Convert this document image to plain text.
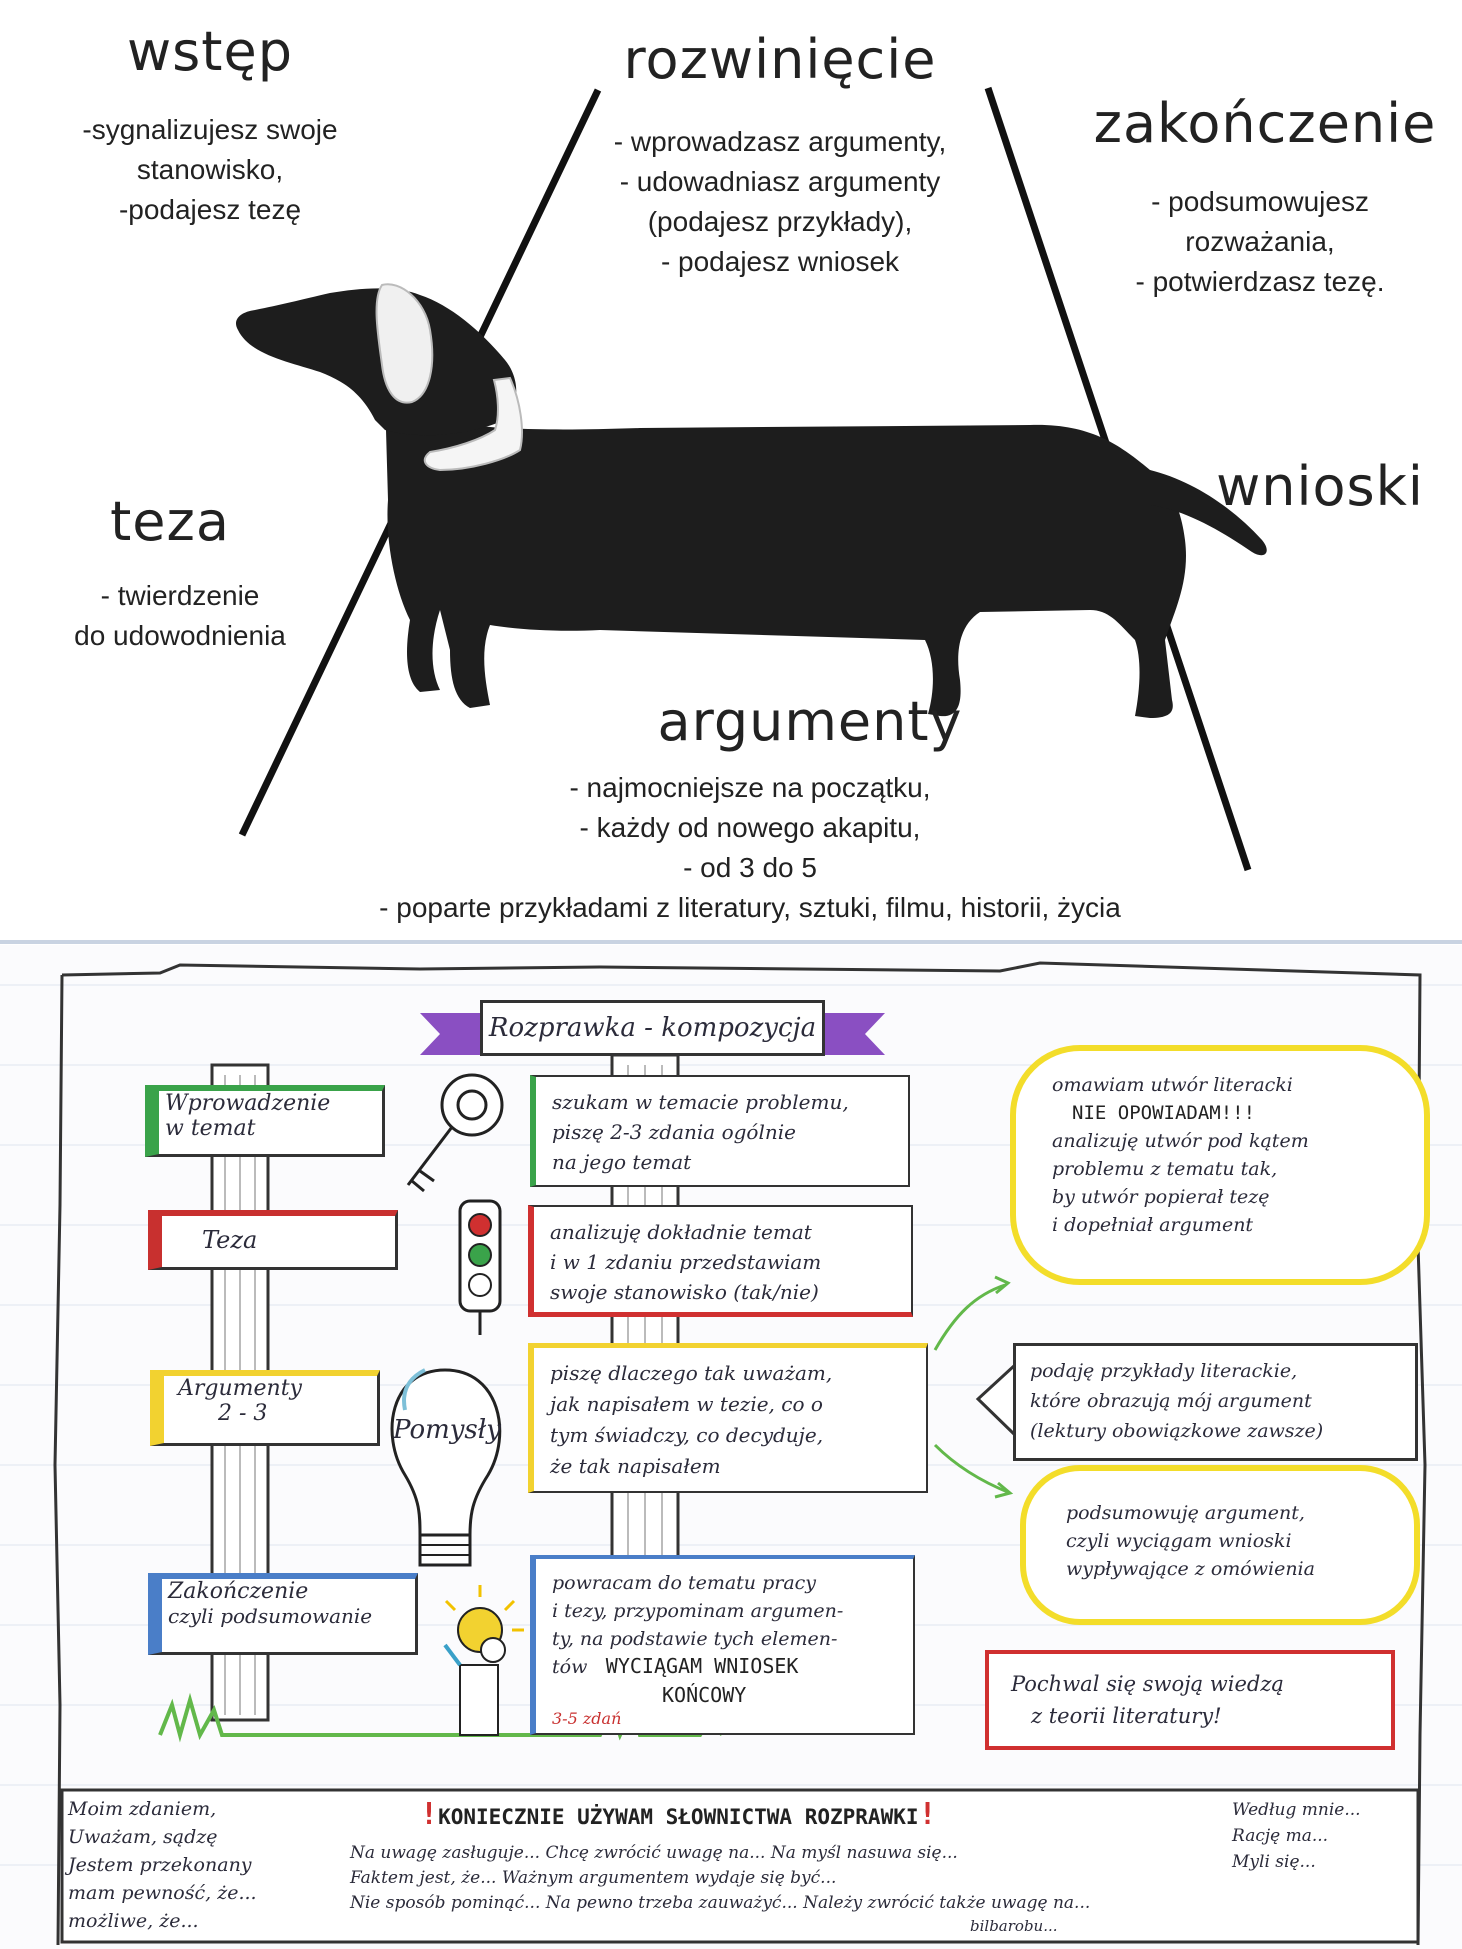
wstęp
-sygnalizujesz swoje
stanowisko,
-podajesz tezę
rozwinięcie
- wprowadzasz argumenty,
- udowadniasz argumenty
(podajesz przykłady),
- podajesz wniosek
zakończenie
- podsumowujesz
rozważania,
- potwierdzasz tezę.
teza
- twierdzenie
do udowodnienia
wnioski
argumenty
- najmocniejsze na początku,
- każdy od nowego akapitu,
- od 3 do 5
- poparte przykładami z literatury, sztuki, filmu, historii, życia
Rozprawka - kompozycja
Wprowadzenie
w temat
Teza
Argumenty
2 - 3
Zakończenie
czyli podsumowanie
Pomysły
szukam w temacie problemu,
piszę 2-3 zdania ogólnie
na jego temat
analizuję dokładnie temat
i w 1 zdaniu przedstawiam
swoje stanowisko (tak/nie)
piszę dlaczego tak uważam,
jak napisałem w tezie, co o
tym świadczy, co decyduje,
że tak napisałem
powracam do tematu pracy
i tezy, przypominam argumen-
ty, na podstawie tych elemen-
tów WYCIĄGAM WNIOSEK
KOŃCOWY
3-5 zdań
omawiam utwór literacki
NIE OPOWIADAM!!!
analizuję utwór pod kątem
problemu z tematu tak,
by utwór popierał tezę
i dopełniał argument
podaję przykłady literackie,
które obrazują mój argument
(lektury obowiązkowe zawsze)
podsumowuję argument,
czyli wyciągam wnioski
wypływające z omówienia
Pochwal się swoją wiedzą
z teorii literatury!
!KONIECZNIE UŻYWAM SŁOWNICTWA ROZPRAWKI!
Moim zdaniem,
Uważam, sądzę
Jestem przekonany
mam pewność, że...
możliwe, że...
Według mnie...
Rację ma...
Myli się...
Na uwagę zasługuje... Chcę zwrócić uwagę na... Na myśl nasuwa się...
Faktem jest, że... Ważnym argumentem wydaje się być...
Nie sposób pominąć... Na pewno trzeba zauważyć... Należy zwrócić także uwagę na...
bilbarobu...
